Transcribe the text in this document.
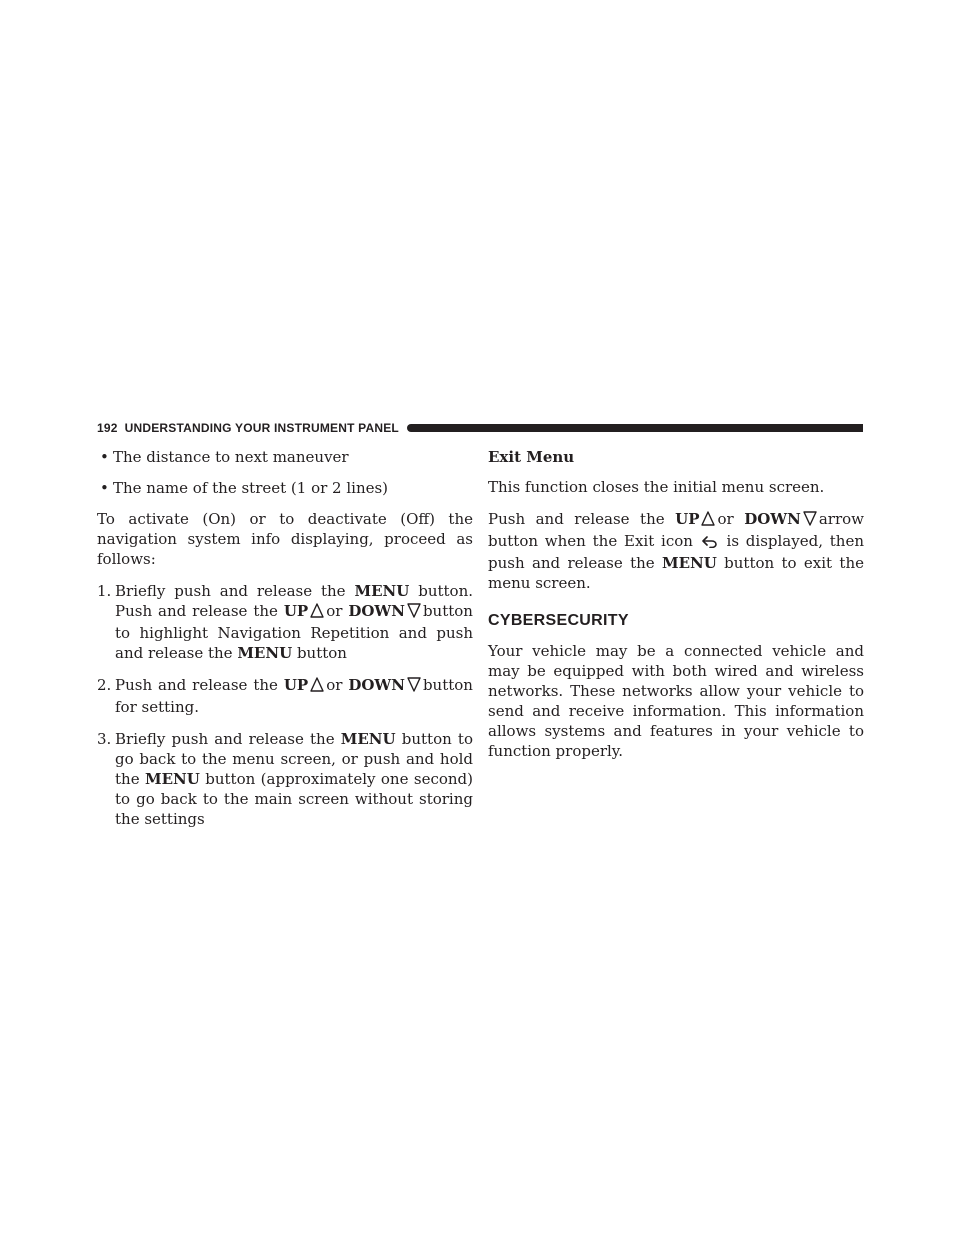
192 UNDERSTANDING YOUR INSTRUMENT PANEL
• The distance to next maneuver
• The name of the street (1 or 2 lines)

To activate (On) or to deactivate (Off) the navigation system info displaying, proceed as follows:

1. Briefly push and release the MENU button. Push and release the UP or DOWN button to highlight Navigation Repetition and push and release the MENU button
2. Push and release the UP or DOWN button for setting.
3. Briefly push and release the MENU button to go back to the menu screen, or push and hold the MENU button (approximately one second) to go back to the main screen without storing the settings

Exit Menu

This function closes the initial menu screen.

Push and release the UP or DOWN arrow button when the Exit icon is displayed, then push and release the MENU button to exit the menu screen.

CYBERSECURITY

Your vehicle may be a connected vehicle and may be equipped with both wired and wireless networks. These networks allow your vehicle to send and receive information. This information allows systems and features in your vehicle to function properly.
